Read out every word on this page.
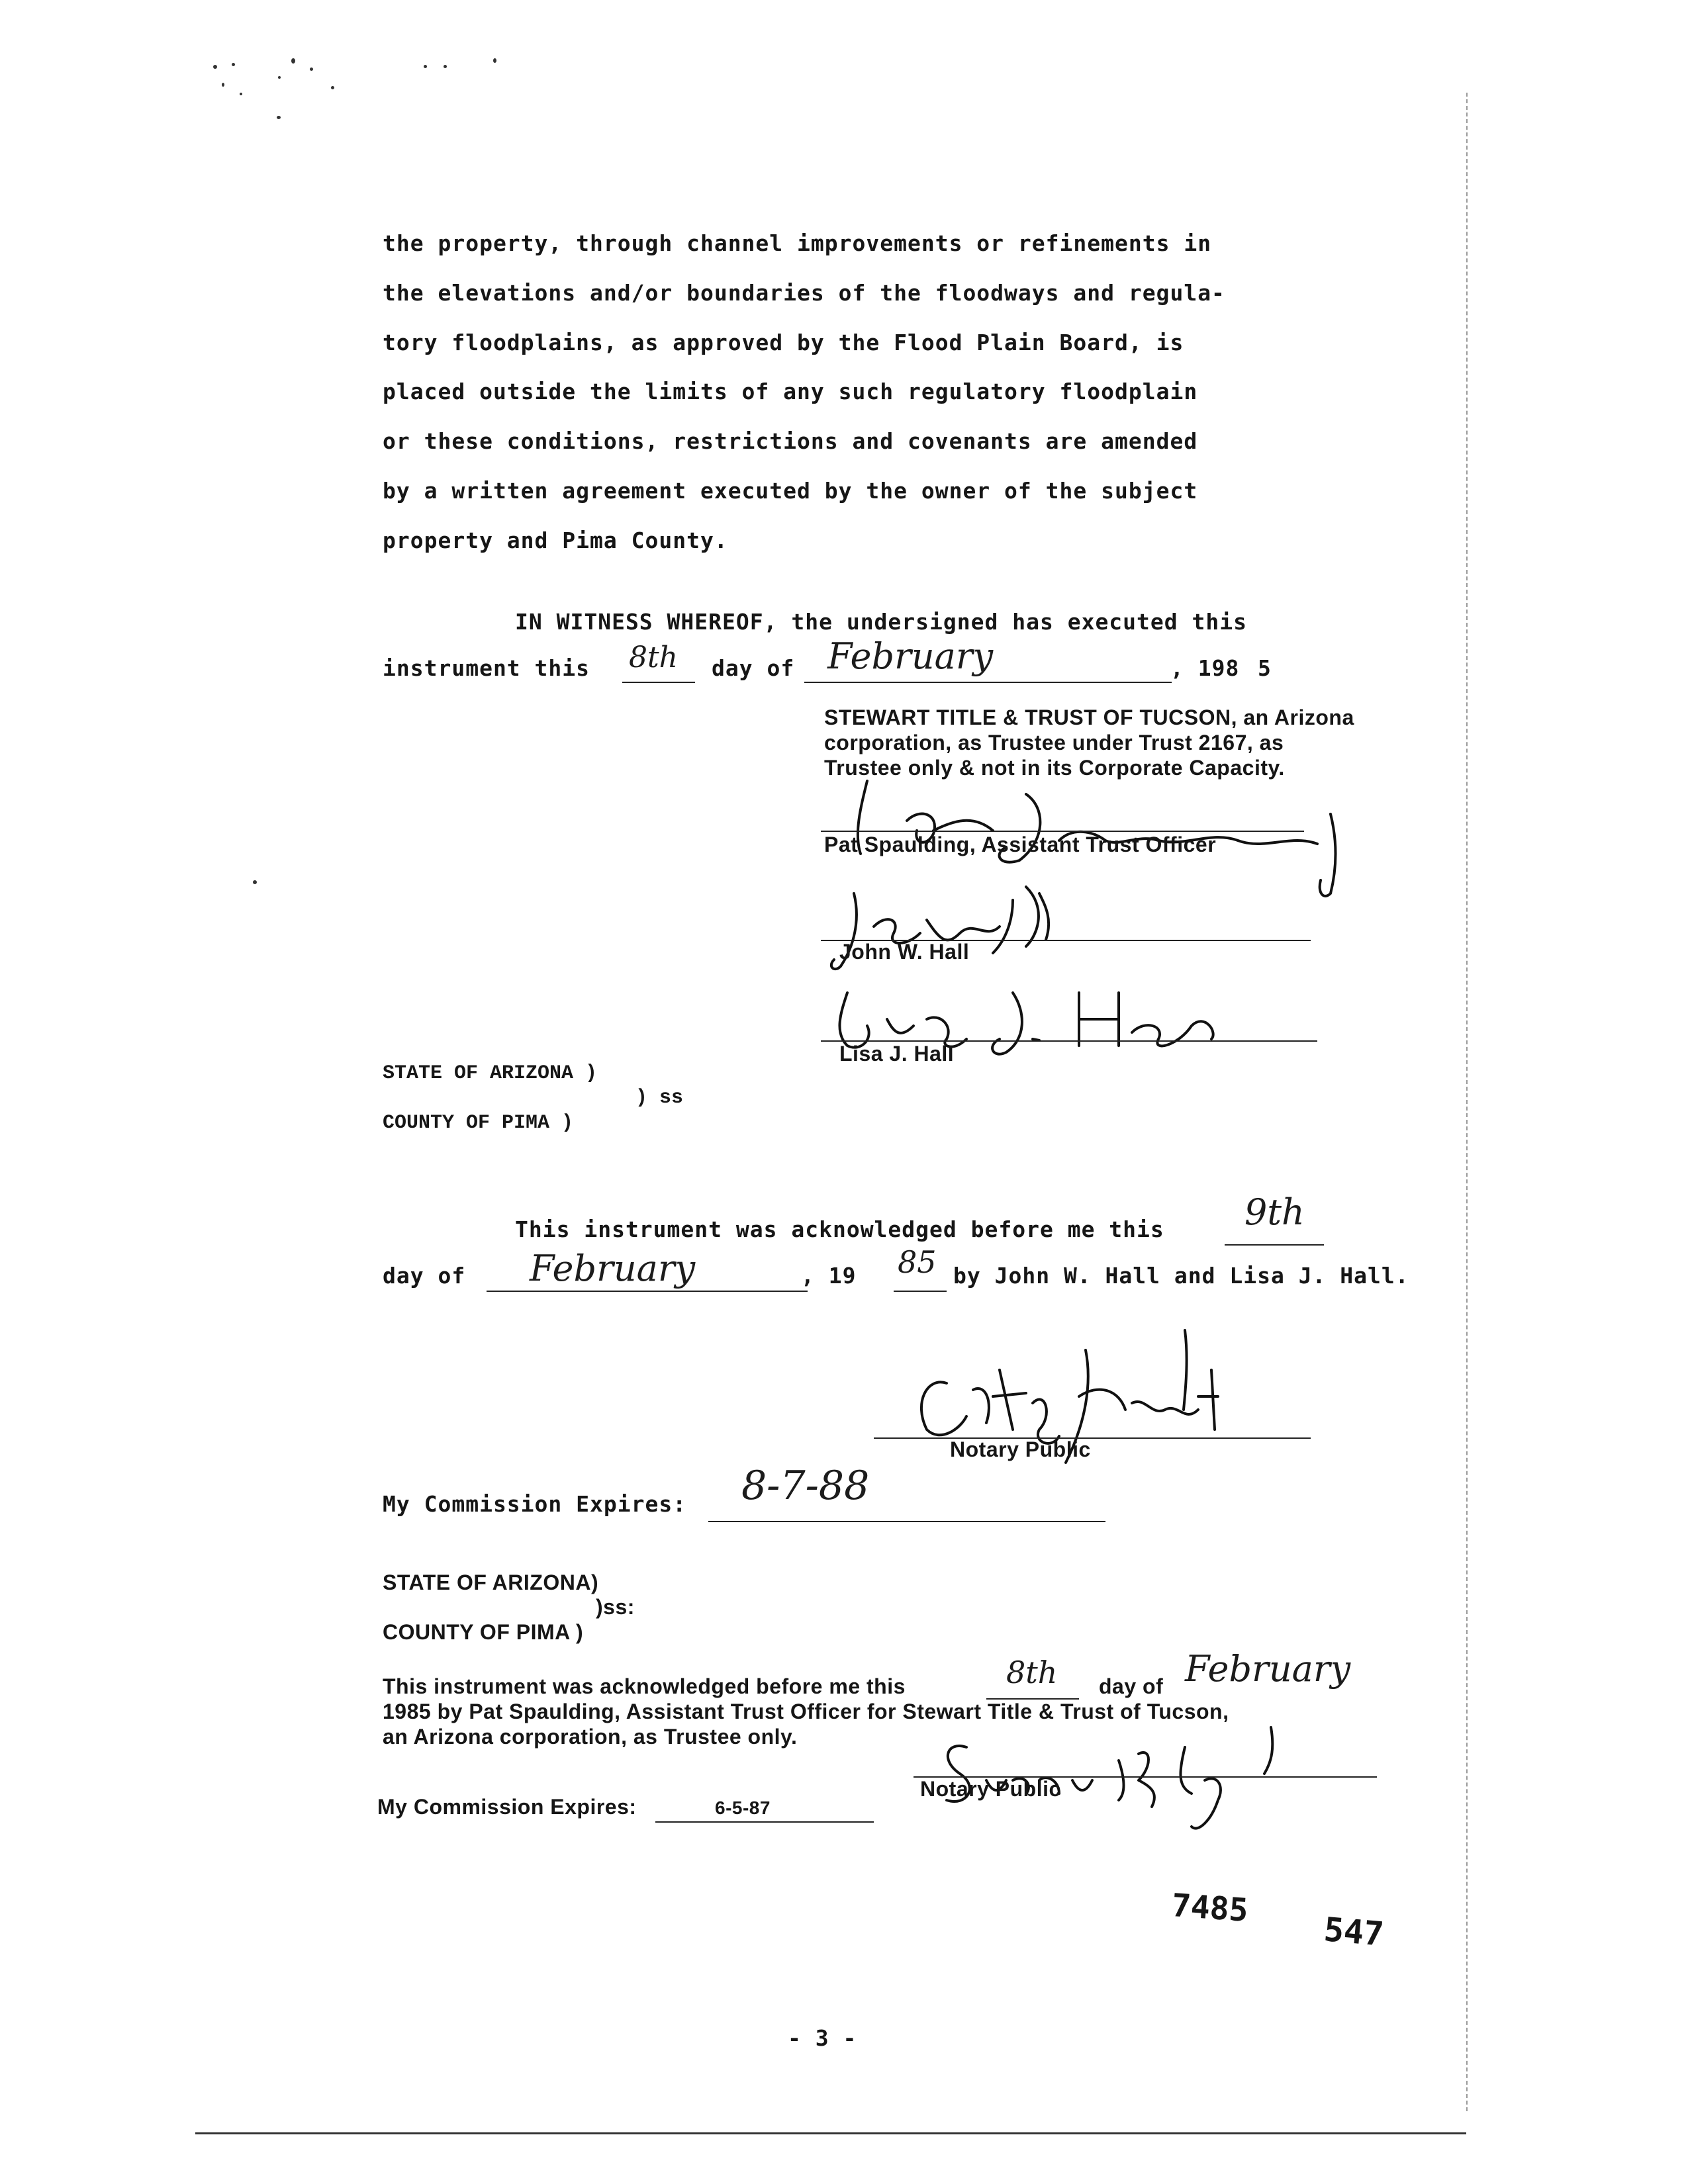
the property, through channel improvements or refinements in
the elevations and/or boundaries of the floodways and regula-
tory floodplains, as approved by the Flood Plain Board, is
placed outside the limits of any such regulatory floodplain
or these conditions, restrictions and covenants are amended
by a written agreement executed by the owner of the subject
property and Pima County.
IN WITNESS WHEREOF, the undersigned has executed this
instrument this 8th day of February	, 198 5
STEWART TITLE & TRUST OF TUCSON, an Arizona
corporation, as Trustee under Trust 2167, as
Trustee only & not in its Corporate Capacity.
Pat Spaulding, Assistant Trust Officer
John W. Hall
Lisa J. Hall
STATE OF ARIZONA )
) ss
COUNTY OF PIMA )
This instrument was acknowledged before me this 9th
day of February	, 19 85 by John W. Hall and Lisa J. Hall.
Notary Public
My Commission Expires: 8-7-88
STATE OF ARIZONA)
)ss:
COUNTY OF PIMA )
This instrument was acknowledged before me this	8th day of February
1985 by Pat Spaulding, Assistant Trust Officer for Stewart Title & Trust of Tucson,
an Arizona corporation, as Trustee only.
Notary Public
My Commission Expires:	6-5-87
7485
547
- 3 -
